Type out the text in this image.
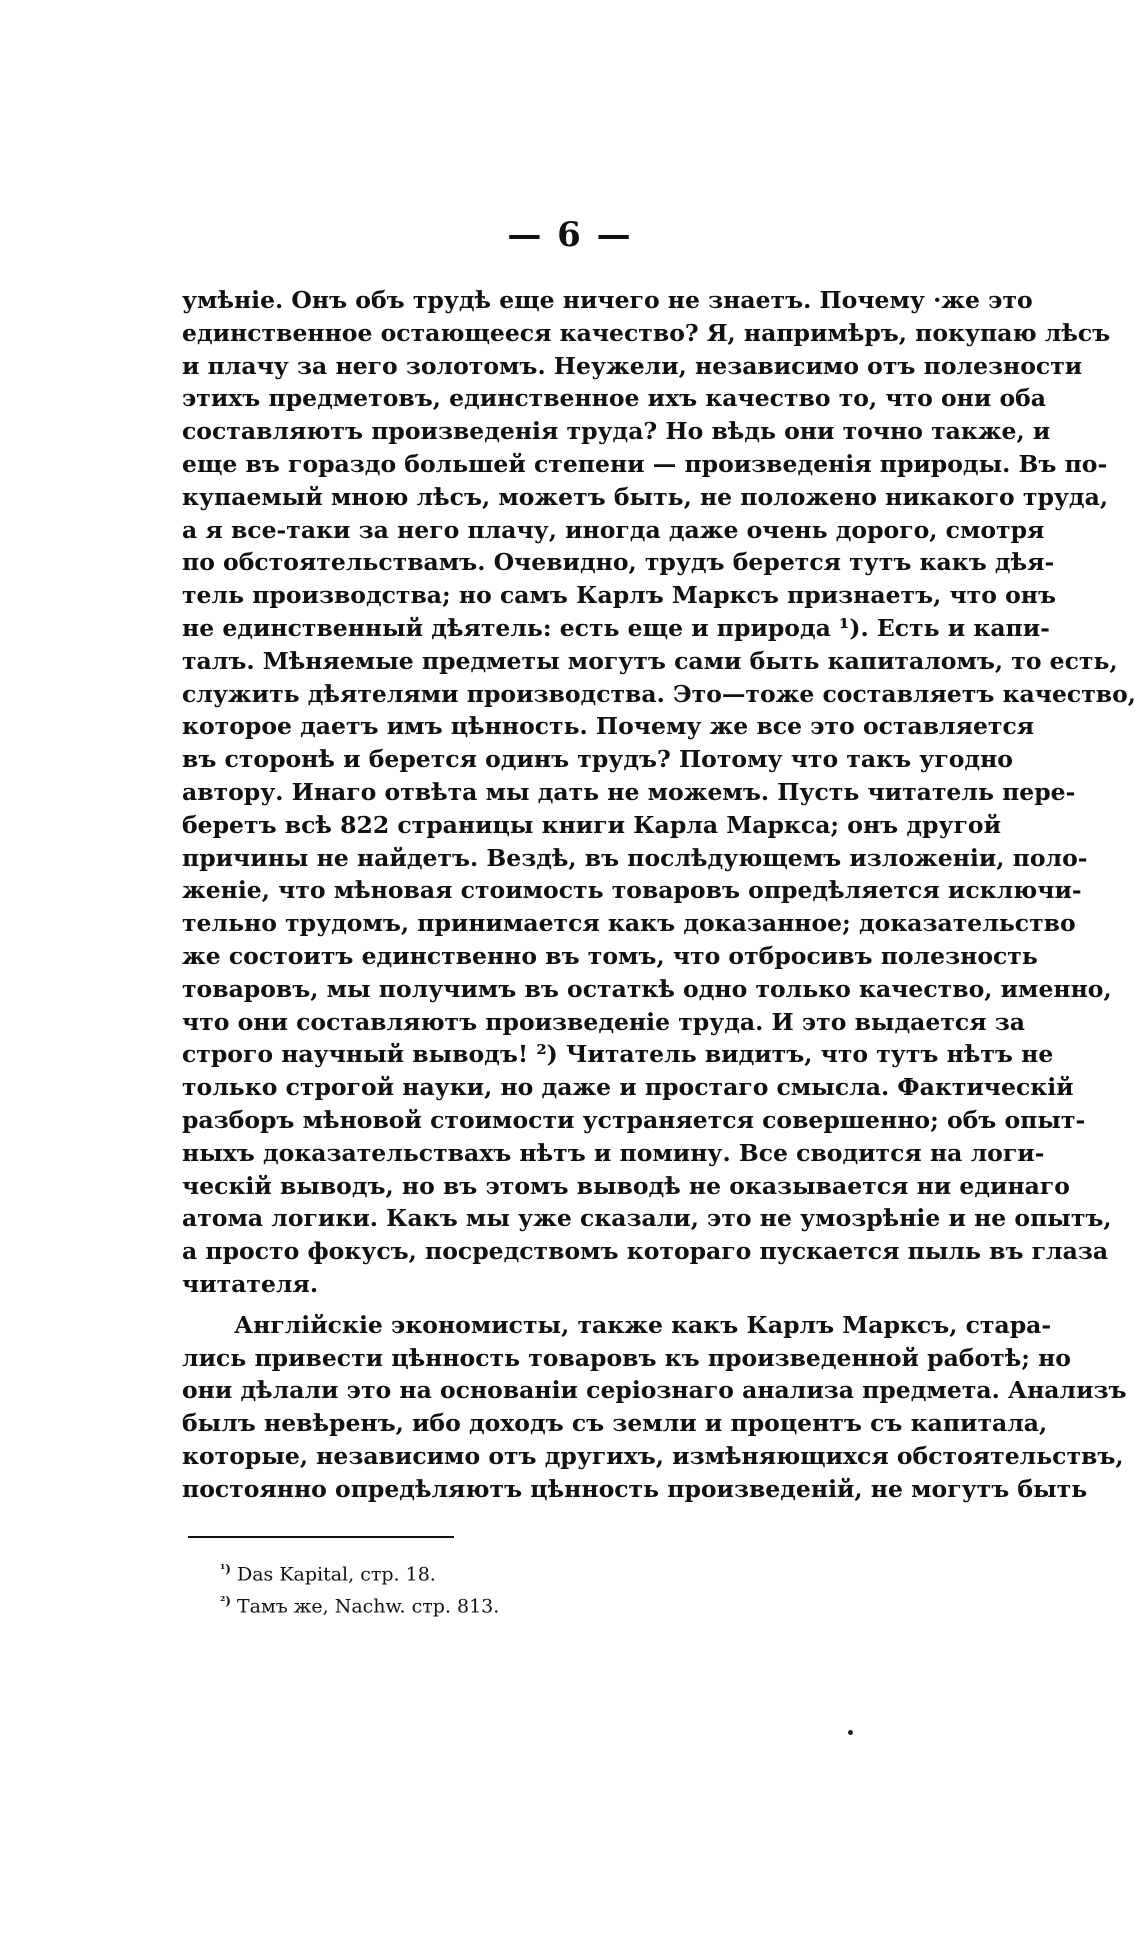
— 6 —
умѣніе. Онъ объ трудѣ еще ничего не знаетъ. Почему ·же это
единственное остающееся качество? Я, напримѣръ, покупаю лѣсъ
и плачу за него золотомъ. Неужели, независимо отъ полезности
этихъ предметовъ, единственное ихъ качество то, что они оба
составляютъ произведенія труда? Но вѣдь они точно также, и
еще въ гораздо большей степени — произведенія природы. Въ по-
купаемый мною лѣсъ, можетъ быть, не положено никакого труда,
а я все-таки за него плачу, иногда даже очень дорого, смотря
по обстоятельствамъ. Очевидно, трудъ берется тутъ какъ дѣя-
тель производства; но самъ Карлъ Марксъ признаетъ, что онъ
не единственный дѣятель: есть еще и природа ¹). Есть и капи-
талъ. Мѣняемые предметы могутъ сами быть капиталомъ, то есть,
служить дѣятелями производства. Это—тоже составляетъ качество,
которое даетъ имъ цѣнность. Почему же все это оставляется
въ сторонѣ и берется одинъ трудъ? Потому что такъ угодно
автору. Инаго отвѣта мы дать не можемъ. Пусть читатель пере-
беретъ всѣ 822 страницы книги Карла Маркса; онъ другой
причины не найдетъ. Вездѣ, въ послѣдующемъ изложеніи, поло-
женіе, что мѣновая стоимость товаровъ опредѣляется исключи-
тельно трудомъ, принимается какъ доказанное; доказательство
же состоитъ единственно въ томъ, что отбросивъ полезность
товаровъ, мы получимъ въ остаткѣ одно только качество, именно,
что они составляютъ произведеніе труда. И это выдается за
строго научный выводъ! ²) Читатель видитъ, что тутъ нѣтъ не
только строгой науки, но даже и простаго смысла. Фактическій
разборъ мѣновой стоимости устраняется совершенно; объ опыт-
ныхъ доказательствахъ нѣтъ и помину. Все сводится на логи-
ческій выводъ, но въ этомъ выводѣ не оказывается ни единаго
атома логики. Какъ мы уже сказали, это не умозрѣніе и не опытъ,
а просто фокусъ, посредствомъ котораго пускается пыль въ глаза
читателя.
Англійскіе экономисты, также какъ Карлъ Марксъ, стара-
лись привести цѣнность товаровъ къ произведенной работѣ; но
они дѣлали это на основаніи серіознаго анализа предмета. Анализъ
былъ невѣренъ, ибо доходъ съ земли и процентъ съ капитала,
которые, независимо отъ другихъ, измѣняющихся обстоятельствъ,
постоянно опредѣляютъ цѣнность произведеній, не могутъ быть
$^{^1)}$ Das Kapital, стр. 18.
$^{^2)}$ Тамъ же, Nachw. стр. 813.
